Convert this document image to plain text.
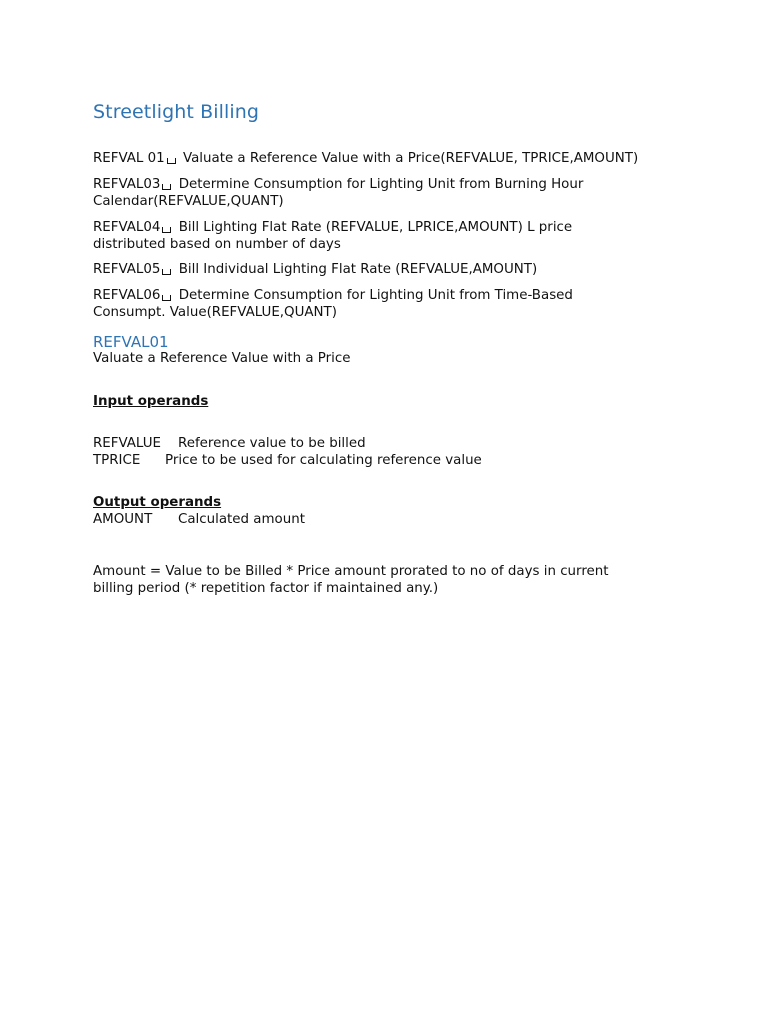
Streetlight Billing
REFVAL 01 Valuate a Reference Value with a Price(REFVALUE, TPRICE,AMOUNT)
REFVAL03 Determine Consumption for Lighting Unit from Burning Hour
Calendar(REFVALUE,QUANT)
REFVAL04 Bill Lighting Flat Rate (REFVALUE, LPRICE,AMOUNT) L price
distributed based on number of days
REFVAL05 Bill Individual Lighting Flat Rate (REFVALUE,AMOUNT)
REFVAL06 Determine Consumption for Lighting Unit from Time-Based
Consumpt. Value(REFVALUE,QUANT)
REFVAL01
Valuate a Reference Value with a Price
Input operands
REFVALUE Reference value to be billed
TPRICE Price to be used for calculating reference value
Output operands
AMOUNT Calculated amount
Amount = Value to be Billed * Price amount prorated to no of days in current
billing period (* repetition factor if maintained any.)
